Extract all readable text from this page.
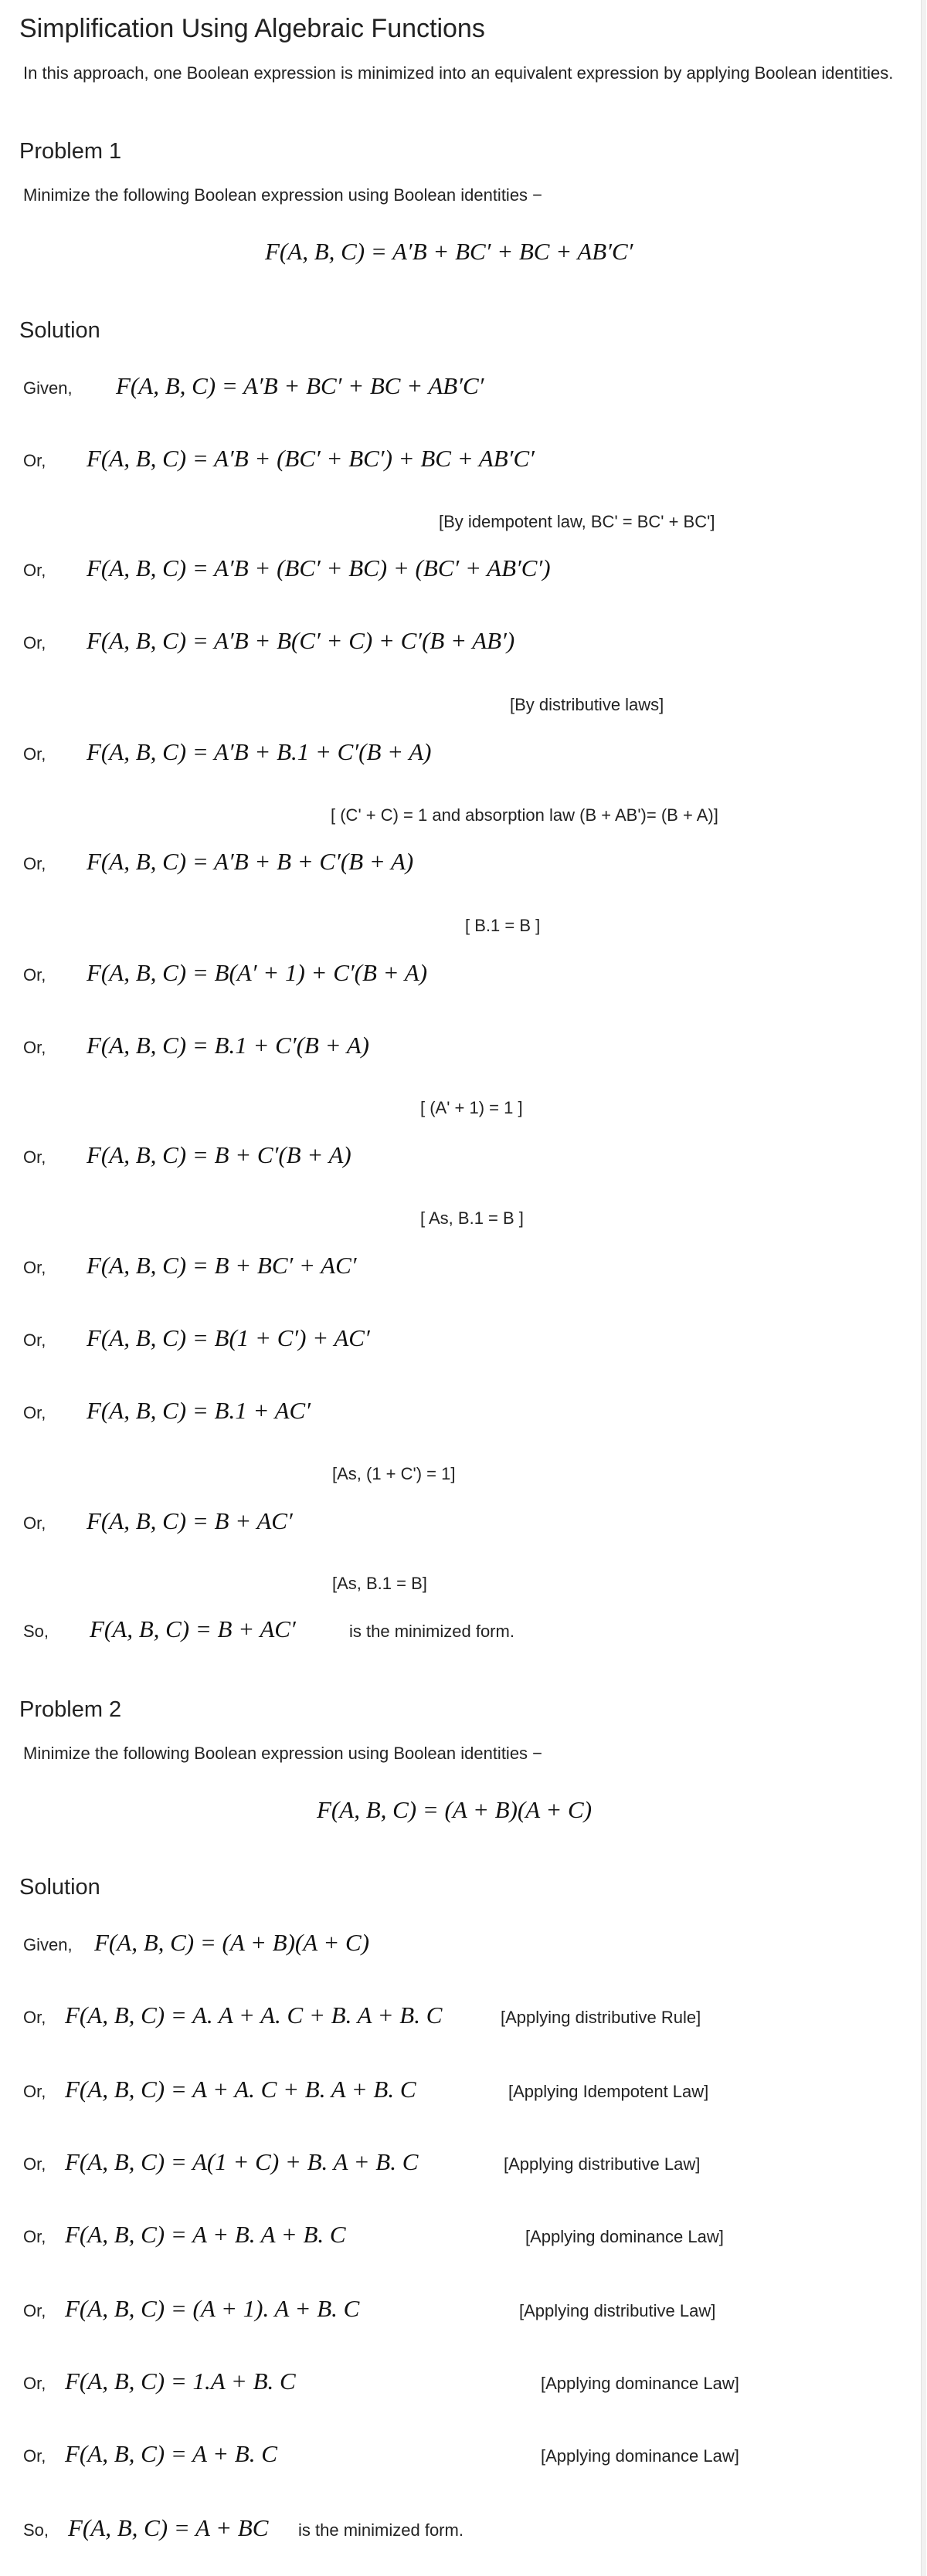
Simplification Using Algebraic Functions
In this approach, one Boolean expression is minimized into an equivalent expression by applying Boolean identities.
Problem 1
Minimize the following Boolean expression using Boolean identities −
F(A, B, C) = A′B + BC′ + BC + AB′C′
Solution
Given, F(A, B, C) = A′B + BC′ + BC + AB′C′
Or, F(A, B, C) = A′B + (BC′ + BC′) + BC + AB′C′
[By idempotent law, BC' = BC' + BC']
Or, F(A, B, C) = A′B + (BC′ + BC) + (BC′ + AB′C′)
Or, F(A, B, C) = A′B + B(C′ + C) + C′(B + AB′)
[By distributive laws]
Or, F(A, B, C) = A′B + B.1 + C′(B + A)
[ (C' + C) = 1 and absorption law (B + AB')= (B + A)]
Or, F(A, B, C) = A′B + B + C′(B + A)
[ B.1 = B ]
Or, F(A, B, C) = B(A′ + 1) + C′(B + A)
Or, F(A, B, C) = B.1 + C′(B + A)
[ (A' + 1) = 1 ]
Or, F(A, B, C) = B + C′(B + A)
[ As, B.1 = B ]
Or, F(A, B, C) = B + BC′ + AC′
Or, F(A, B, C) = B(1 + C′) + AC′
Or, F(A, B, C) = B.1 + AC′
[As, (1 + C') = 1]
Or, F(A, B, C) = B + AC′
[As, B.1 = B]
So, F(A, B, C) = B + AC′	is the minimized form.
Problem 2
Minimize the following Boolean expression using Boolean identities −
F(A, B, C) = (A + B)(A + C)
Solution
Given, F(A, B, C) = (A + B)(A + C)
Or, F(A, B, C) = A. A + A. C + B. A + B. C	[Applying distributive Rule]
Or, F(A, B, C) = A + A. C + B. A + B. C	[Applying Idempotent Law]
Or, F(A, B, C) = A(1 + C) + B. A + B. C	[Applying distributive Law]
Or, F(A, B, C) = A + B. A + B. C	[Applying dominance Law]
Or, F(A, B, C) = (A + 1). A + B. C	[Applying distributive Law]
Or, F(A, B, C) = 1.A + B. C	[Applying dominance Law]
Or, F(A, B, C) = A + B. C	[Applying dominance Law]
So, F(A, B, C) = A + BC is the minimized form.
